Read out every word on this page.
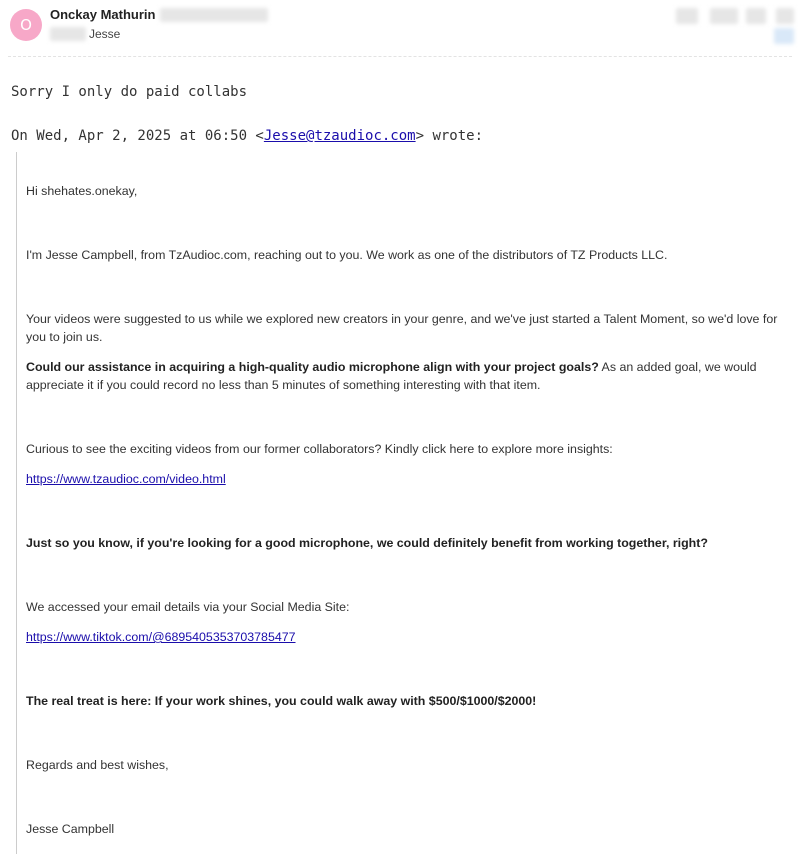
O
Onckay Mathurin
Jesse
Sorry I only do paid collabs
On Wed, Apr 2, 2025 at 06:50 <Jesse@tzaudioc.com> wrote:
Hi shehates.onekay,
I'm Jesse Campbell, from TzAudioc.com, reaching out to you. We work as one of the distributors of TZ Products LLC.
Your videos were suggested to us while we explored new creators in your genre, and we've just started a Talent Moment, so we'd love for you to join us.
Could our assistance in acquiring a high-quality audio microphone align with your project goals? As an added goal, we would appreciate it if you could record no less than 5 minutes of something interesting with that item.
Curious to see the exciting videos from our former collaborators? Kindly click here to explore more insights:
https://www.tzaudioc.com/video.html
Just so you know, if you're looking for a good microphone, we could definitely benefit from working together, right?
We accessed your email details via your Social Media Site:
https://www.tiktok.com/@6895405353703785477
The real treat is here: If your work shines, you could walk away with $500/$1000/$2000!
Regards and best wishes,
Jesse Campbell
